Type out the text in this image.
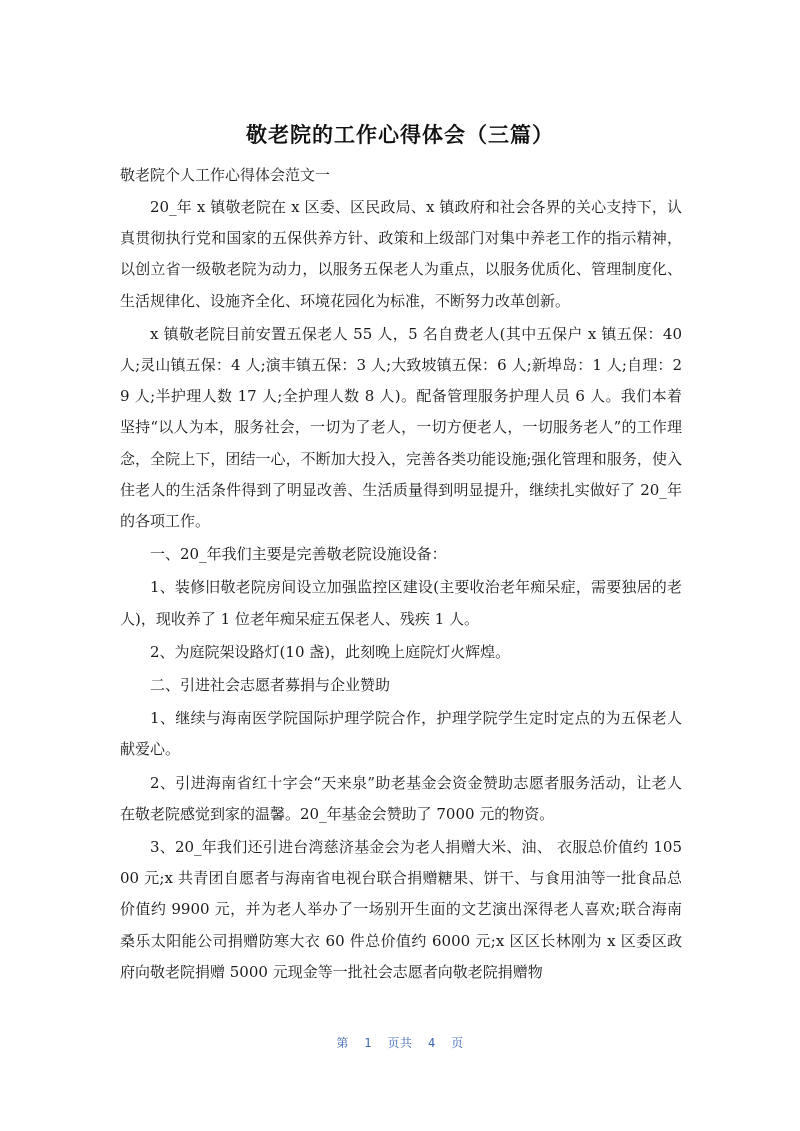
敬老院的工作心得体会（三篇）
敬老院个人工作心得体会范文一

20_年 x 镇敬老院在 x 区委、区民政局、x 镇政府和社会各界的关心支持下，认真贯彻执行党和国家的五保供养方针、政策和上级部门对集中养老工作的指示精神，以创立省一级敬老院为动力，以服务五保老人为重点，以服务优质化、管理制度化、生活规律化、设施齐全化、环境花园化为标准，不断努力改革创新。

x 镇敬老院目前安置五保老人 55 人，5 名自费老人(其中五保户 x 镇五保：40 人;灵山镇五保：4 人;演丰镇五保：3 人;大致坡镇五保：6 人;新埠岛：1 人;自理：29 人;半护理人数 17 人;全护理人数 8 人)。配备管理服务护理人员 6 人。我们本着坚持“以人为本，服务社会，一切为了老人，一切方便老人，一切服务老人”的工作理念，全院上下，团结一心，不断加大投入，完善各类功能设施;强化管理和服务，使入住老人的生活条件得到了明显改善、生活质量得到明显提升，继续扎实做好了 20_年的各项工作。

一、20_年我们主要是完善敬老院设施设备：

1、装修旧敬老院房间设立加强监控区建设(主要收治老年痴呆症，需要独居的老人)，现收养了 1 位老年痴呆症五保老人、残疾 1 人。

2、为庭院架设路灯(10 盏)，此刻晚上庭院灯火辉煌。

二、引进社会志愿者募捐与企业赞助

1、继续与海南医学院国际护理学院合作，护理学院学生定时定点的为五保老人献爱心。

2、引进海南省红十字会“天来泉”助老基金会资金赞助志愿者服务活动，让老人在敬老院感觉到家的温馨。20_年基金会赞助了 7000 元的物资。

3、20_年我们还引进台湾慈济基金会为老人捐赠大米、油、 衣服总价值约 10500 元;x 共青团自愿者与海南省电视台联合捐赠糖果、饼干、与食用油等一批食品总价值约 9900 元，并为老人举办了一场别开生面的文艺演出深得老人喜欢;联合海南桑乐太阳能公司捐赠防寒大衣 60 件总价值约 6000 元;x 区区长林刚为 x 区委区政府向敬老院捐赠 5000 元现金等一批社会志愿者向敬老院捐赠物

第 1 页共 4 页
